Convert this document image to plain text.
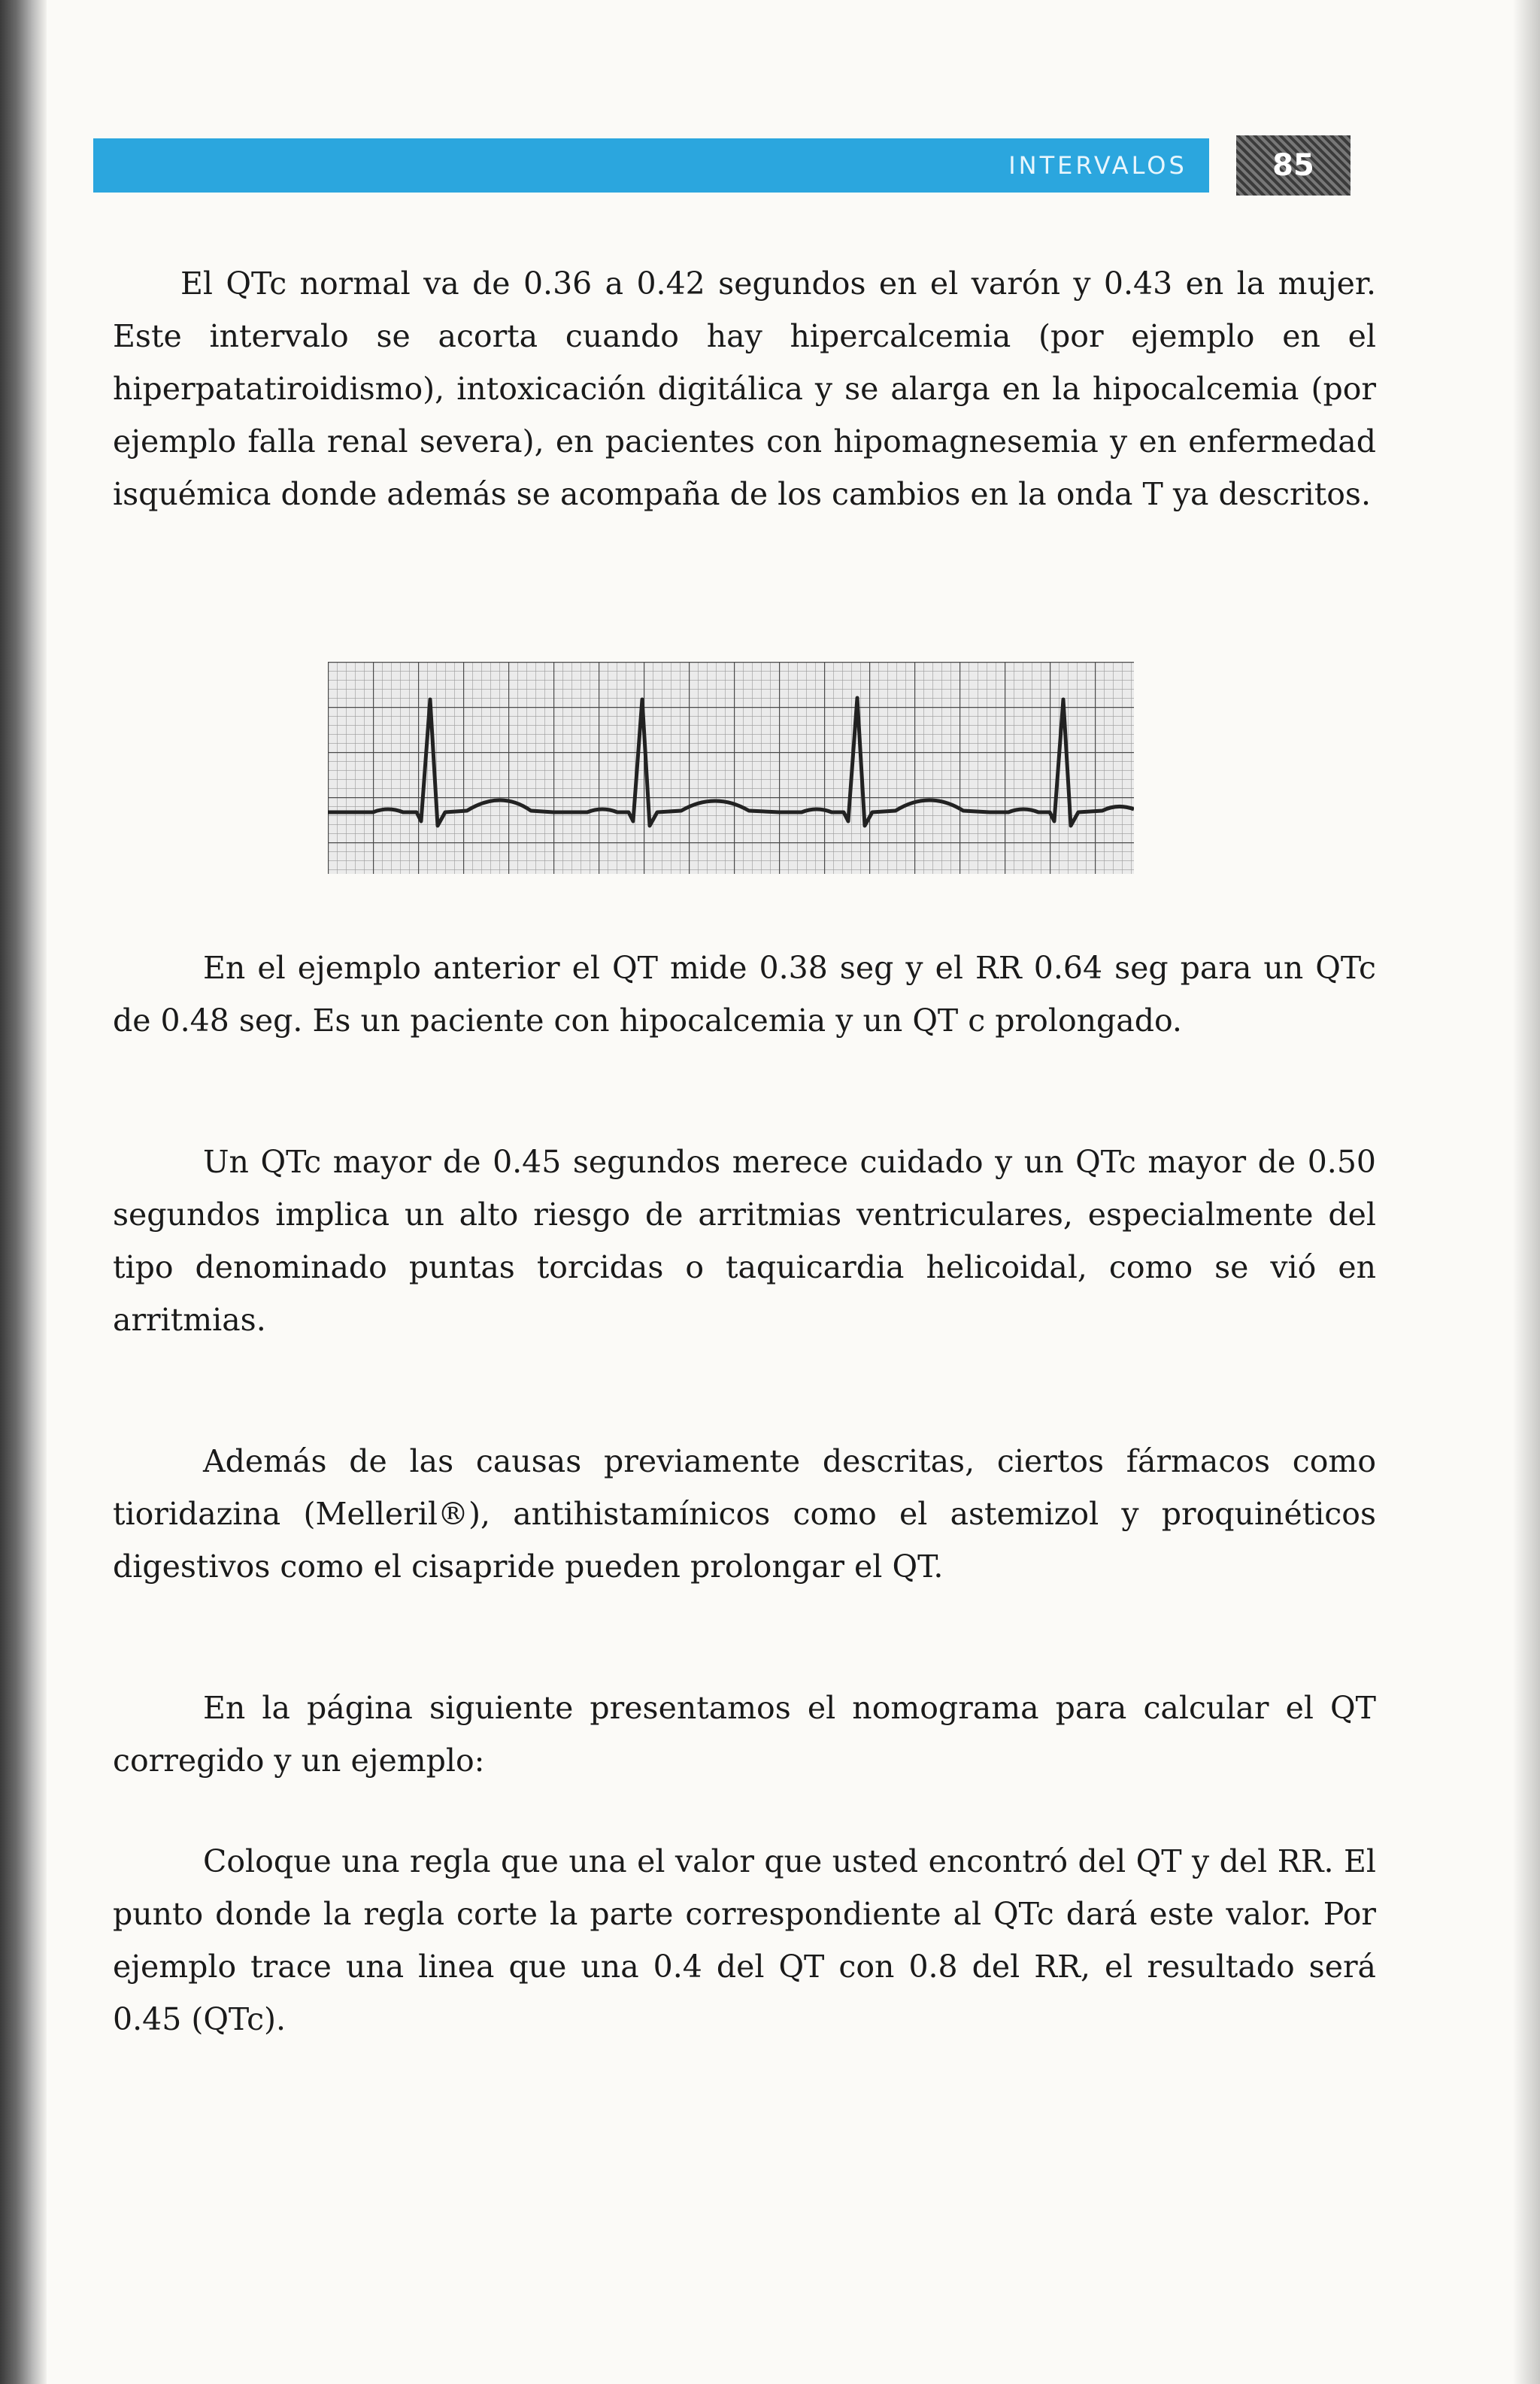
INTERVALOS	85

El QTc normal va de 0.36 a 0.42 segundos en el varón y 0.43 en la mujer. Este intervalo se acorta cuando hay hipercalcemia (por ejemplo en el hiperpatatiroidismo), intoxicación digitálica y se alarga en la hipocalcemia (por ejemplo falla renal severa), en pacientes con hipomagnesemia y en enfermedad isquémica donde además se acompaña de los cambios en la onda T ya descritos.

En el ejemplo anterior el QT mide 0.38 seg y el RR 0.64 seg para un QTc de 0.48 seg. Es un paciente con hipocalcemia y un QT c prolongado.

Un QTc mayor de 0.45 segundos merece cuidado y un QTc mayor de 0.50 segundos implica un alto riesgo de arritmias ventriculares, especialmente del tipo denominado puntas torcidas o taquicardia helicoidal, como se vió en arritmias.

Además de las causas previamente descritas, ciertos fármacos como tioridazina (Melleril®), antihistamínicos como el astemizol y proquinéticos digestivos como el cisapride pueden prolongar el QT.

En la página siguiente presentamos el nomograma para calcular el QT corregido y un ejemplo:

Coloque una regla que una el valor que usted encontró del QT y del RR. El punto donde la regla corte la parte correspondiente al QTc dará este valor. Por ejemplo trace una linea que una 0.4 del QT con 0.8 del RR, el resultado será 0.45 (QTc).
